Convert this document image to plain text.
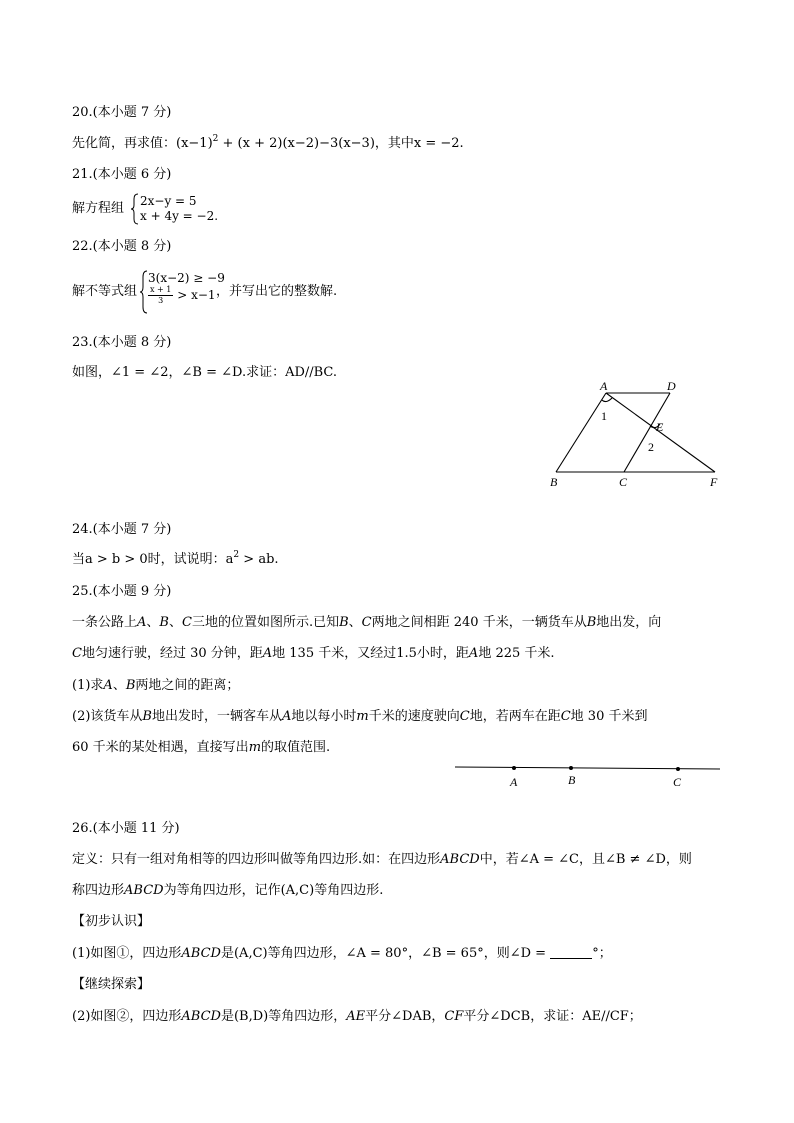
20.(本小题 7 分)
先化简，再求值：$(x-1)^2 + (x + 2)(x-2)-3(x-3)$，其中x = −2.
21.(本小题 6 分)
解方程组 2x−y = 5
x + 4y = −2.
22.(本小题 8 分)
解不等式组
3(x−2) ≥ −9
$\frac{x + 1}{3} > x-1$ ，并写出它的整数解.
23.(本小题 8 分)
如图，∠1 = ∠2，∠B = ∠D.求证：AD//BC.
A	D
E
B	C	F
1
2
24.(本小题 7 分)
当a > b > 0时，试说明：$a^2$ > ab.
25.(本小题 9 分)
一条公路上A、B、C三地的位置如图所示.已知B、C两地之间相距 240 千米，一辆货车从B地出发，向
C地匀速行驶，经过 30 分钟，距A地 135 千米，又经过1.5小时，距A地 225 千米.
(1)求A、B两地之间的距离；
(2)该货车从B地出发时，一辆客车从A地以每小时m千米的速度驶向C地，若两车在距C地 30 千米到
60 千米的某处相遇，直接写出m的取值范围.
A	B	C
26.(本小题 11 分)
定义：只有一组对角相等的四边形叫做等角四边形.如：在四边形ABCD中，若∠A = ∠C，且∠B ≠ ∠D，则
称四边形ABCD为等角四边形，记作(A,C)等角四边形.
【初步认识】
(1)如图①，四边形ABCD是(A,C)等角四边形，∠A = 80°，∠B = 65°，则∠D =	°；
【继续探索】
(2)如图②，四边形ABCD是(B,D)等角四边形，AE平分∠DAB，CF平分∠DCB，求证：AE//CF；
